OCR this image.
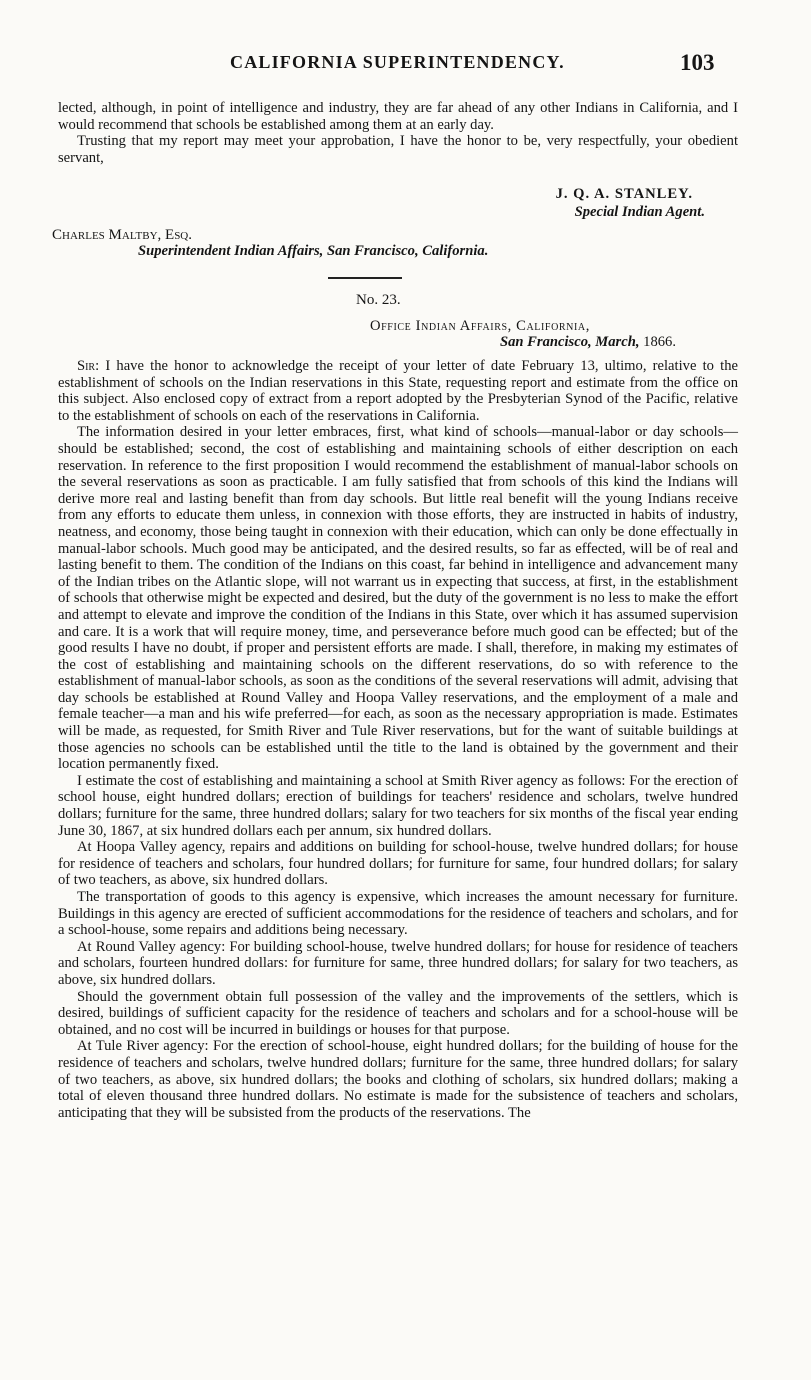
CALIFORNIA SUPERINTENDENCY.	103

lected, although, in point of intelligence and industry, they are far ahead of any other Indians in California, and I would recommend that schools be established among them at an early day.

Trusting that my report may meet your approbation, I have the honor to be, very respectfully, your obedient servant,

J. Q. A. STANLEY.
Special Indian Agent.
Charles Maltby, Esq.
Superintendent Indian Affairs, San Francisco, California.
No. 23.
Office Indian Affairs, California,
San Francisco, March, 1866.

Sir: I have the honor to acknowledge the receipt of your letter of date February 13, ultimo, relative to the establishment of schools on the Indian reservations in this State, requesting report and estimate from the office on this subject. Also enclosed copy of extract from a report adopted by the Presbyterian Synod of the Pacific, relative to the establishment of schools on each of the reservations in California.

The information desired in your letter embraces, first, what kind of schools—manual-labor or day schools—should be established; second, the cost of establishing and maintaining schools of either description on each reservation. In reference to the first proposition I would recommend the establishment of manual-labor schools on the several reservations as soon as practicable. I am fully satisfied that from schools of this kind the Indians will derive more real and lasting benefit than from day schools. But little real benefit will the young Indians receive from any efforts to educate them unless, in connexion with those efforts, they are instructed in habits of industry, neatness, and economy, those being taught in connexion with their education, which can only be done effectually in manual-labor schools. Much good may be anticipated, and the desired results, so far as effected, will be of real and lasting benefit to them. The condition of the Indians on this coast, far behind in intelligence and advancement many of the Indian tribes on the Atlantic slope, will not warrant us in expecting that success, at first, in the establishment of schools that otherwise might be expected and desired, but the duty of the government is no less to make the effort and attempt to elevate and improve the condition of the Indians in this State, over which it has assumed supervision and care. It is a work that will require money, time, and perseverance before much good can be effected; but of the good results I have no doubt, if proper and persistent efforts are made. I shall, therefore, in making my estimates of the cost of establishing and maintaining schools on the different reservations, do so with reference to the establishment of manual-labor schools, as soon as the conditions of the several reservations will admit, advising that day schools be established at Round Valley and Hoopa Valley reservations, and the employment of a male and female teacher—a man and his wife preferred—for each, as soon as the necessary appropriation is made. Estimates will be made, as requested, for Smith River and Tule River reservations, but for the want of suitable buildings at those agencies no schools can be established until the title to the land is obtained by the government and their location permanently fixed.

I estimate the cost of establishing and maintaining a school at Smith River agency as follows: For the erection of school house, eight hundred dollars; erection of buildings for teachers' residence and scholars, twelve hundred dollars; furniture for the same, three hundred dollars; salary for two teachers for six months of the fiscal year ending June 30, 1867, at six hundred dollars each per annum, six hundred dollars.

At Hoopa Valley agency, repairs and additions on building for school-house, twelve hundred dollars; for house for residence of teachers and scholars, four hundred dollars; for furniture for same, four hundred dollars; for salary of two teachers, as above, six hundred dollars.

The transportation of goods to this agency is expensive, which increases the amount necessary for furniture. Buildings in this agency are erected of sufficient accommodations for the residence of teachers and scholars, and for a school-house, some repairs and additions being necessary.

At Round Valley agency: For building school-house, twelve hundred dollars; for house for residence of teachers and scholars, fourteen hundred dollars: for furniture for same, three hundred dollars; for salary for two teachers, as above, six hundred dollars.

Should the government obtain full possession of the valley and the improvements of the settlers, which is desired, buildings of sufficient capacity for the residence of teachers and scholars and for a school-house will be obtained, and no cost will be incurred in buildings or houses for that purpose.

At Tule River agency: For the erection of school-house, eight hundred dollars; for the building of house for the residence of teachers and scholars, twelve hundred dollars; furniture for the same, three hundred dollars; for salary of two teachers, as above, six hundred dollars; the books and clothing of scholars, six hundred dollars; making a total of eleven thousand three hundred dollars. No estimate is made for the subsistence of teachers and scholars, anticipating that they will be subsisted from the products of the reservations. The
